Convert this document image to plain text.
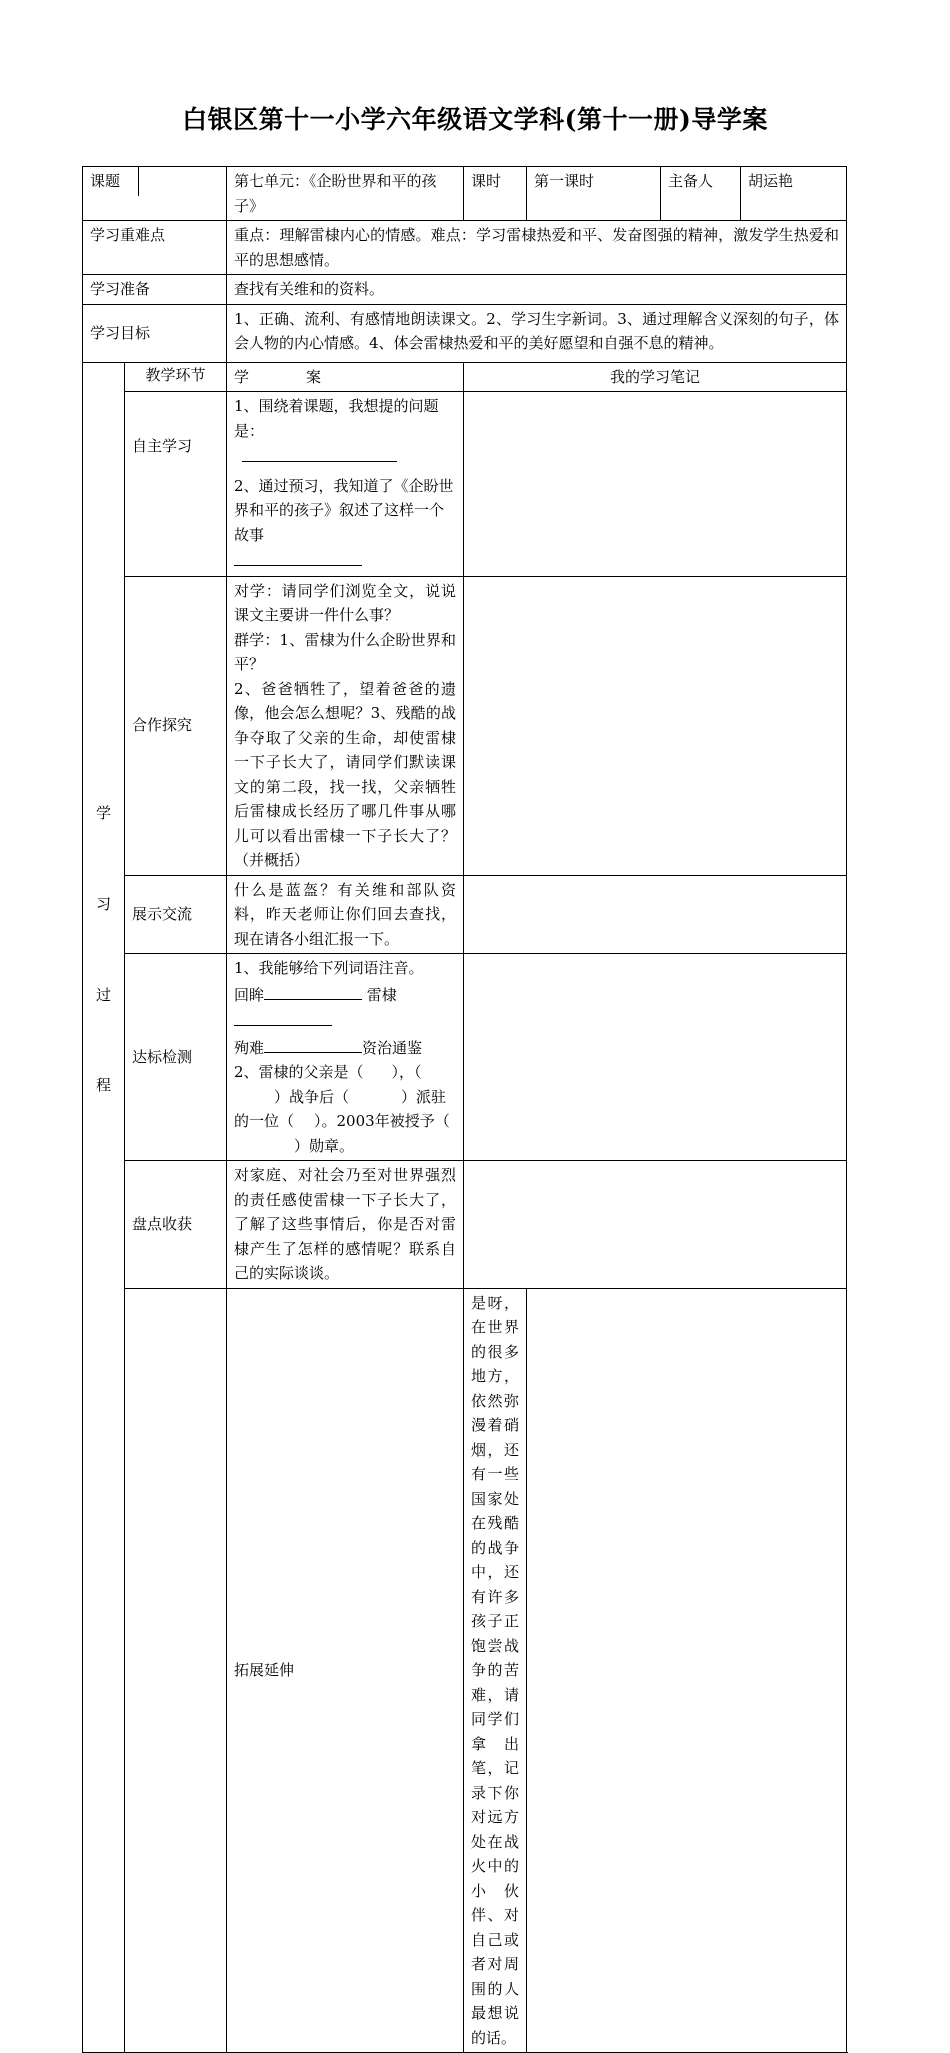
白银区第十一小学六年级语文学科(第十一册)导学案
课题		第七单元：《企盼世界和平的孩子》	课时	第一课时	主备人	胡运艳
学习重难点		重点：理解雷棣内心的情感。难点：学习雷棣热爱和平、发奋图强的精神，激发学生热爱和平的思想感情。				
学习准备		查找有关维和的资料。				
学习目标		1、正确、流利、有感情地朗读课文。2、学习生字新词。3、通过理解含义深刻的句子，体会人物的内心情感。4、体会雷棣热爱和平的美好愿望和自强不息的精神。				

学
习
过
程	教学环节	学 案	我的学习笔记			
	自主学习	1、围绕着课题，我想提的问题是：
2、通过预习，我知道了《企盼世界和平的孩子》叙述了这样一个故事				

	合作探究	对学：请同学们浏览全文，说说课文主要讲一件什么事？
群学：1、雷棣为什么企盼世界和平？
2、爸爸牺牲了，望着爸爸的遗像，他会怎么想呢？3、残酷的战争夺取了父亲的生命，却使雷棣一下子长大了，请同学们默读课文的第二段，找一找，父亲牺牲后雷棣成长经历了哪几件事从哪儿可以看出雷棣一下子长大了？（并概括）				

	展示交流	什么是蓝盔？有关维和部队资料，昨天老师让你们回去查找，现在请各小组汇报一下。				
	达标检测	1、我能够给下列词语注音。
回眸 雷棣
殉难 资治通鉴
2、雷棣的父亲是（ ），（）战争后（ ）派驻的一位（ ）。2003年被授予（）勋章。				

	盘点收获	对家庭、对社会乃至对世界强烈的责任感使雷棣一下子长大了，了解了这些事情后，你是否对雷棣产生了怎样的感情呢？联系自己的实际谈谈。				
		拓展延伸	是呀，在世界的很多地方，依然弥漫着硝烟，还有一些国家处在残酷的战争中，还有许多孩子正饱尝战争的苦难，请同学们拿出笔，记录下你对远方处在战火中的小伙伴、对自己或者对周围的人最想说的话。			
